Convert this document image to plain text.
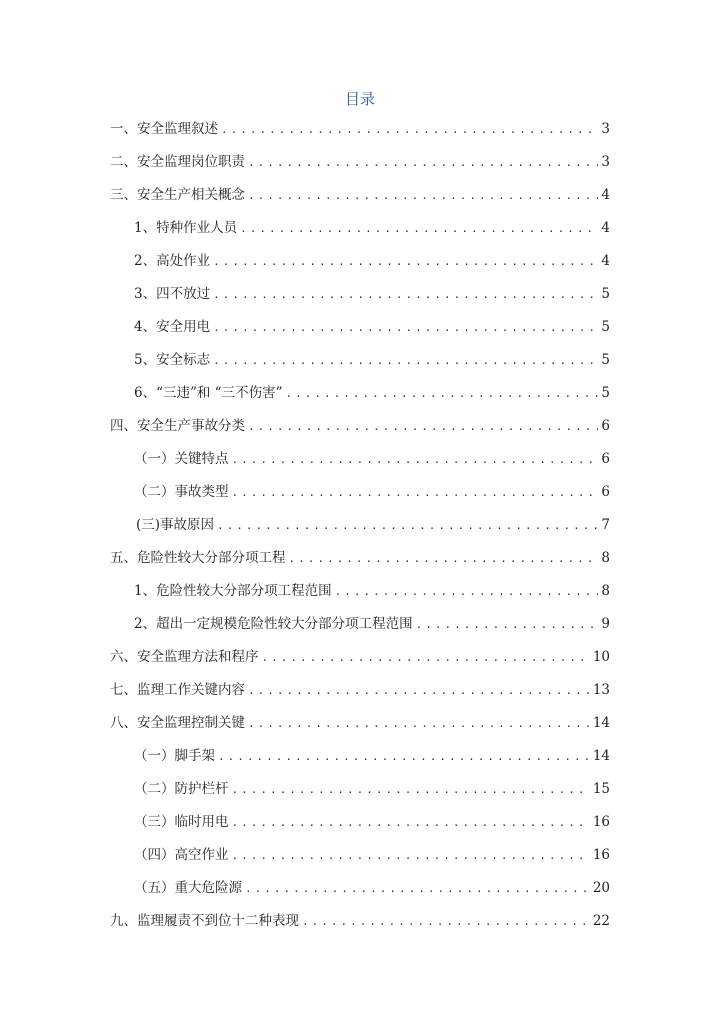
目录
一、安全监理叙述 .....	3
二、安全监理岗位职责 .....	3
三、安全生产相关概念 .....	4
1、特种作业人员 .....	4
2、高处作业 .....	4
3、四不放过 .....	5
4、安全用电 .....	5
5、安全标志 .....	5
6、“三违”和 “三不伤害” .....	5
四、安全生产事故分类 .....	6
（一）关键特点 .....	6
（二）事故类型 .....	6
(三)事故原因 .....	7
五、危险性较大分部分项工程 .....	8
1、危险性较大分部分项工程范围 .....	8
2、超出一定规模危险性较大分部分项工程范围 .....	9
六、安全监理方法和程序 .....	10
七、监理工作关键内容 .....	13
八、安全监理控制关键 .....	14
（一）脚手架 .....	14
（二）防护栏杆 .....	15
（三）临时用电 .....	16
（四）高空作业 .....	16
（五）重大危险源 .....	20
九、监理履责不到位十二种表现 .....	22
